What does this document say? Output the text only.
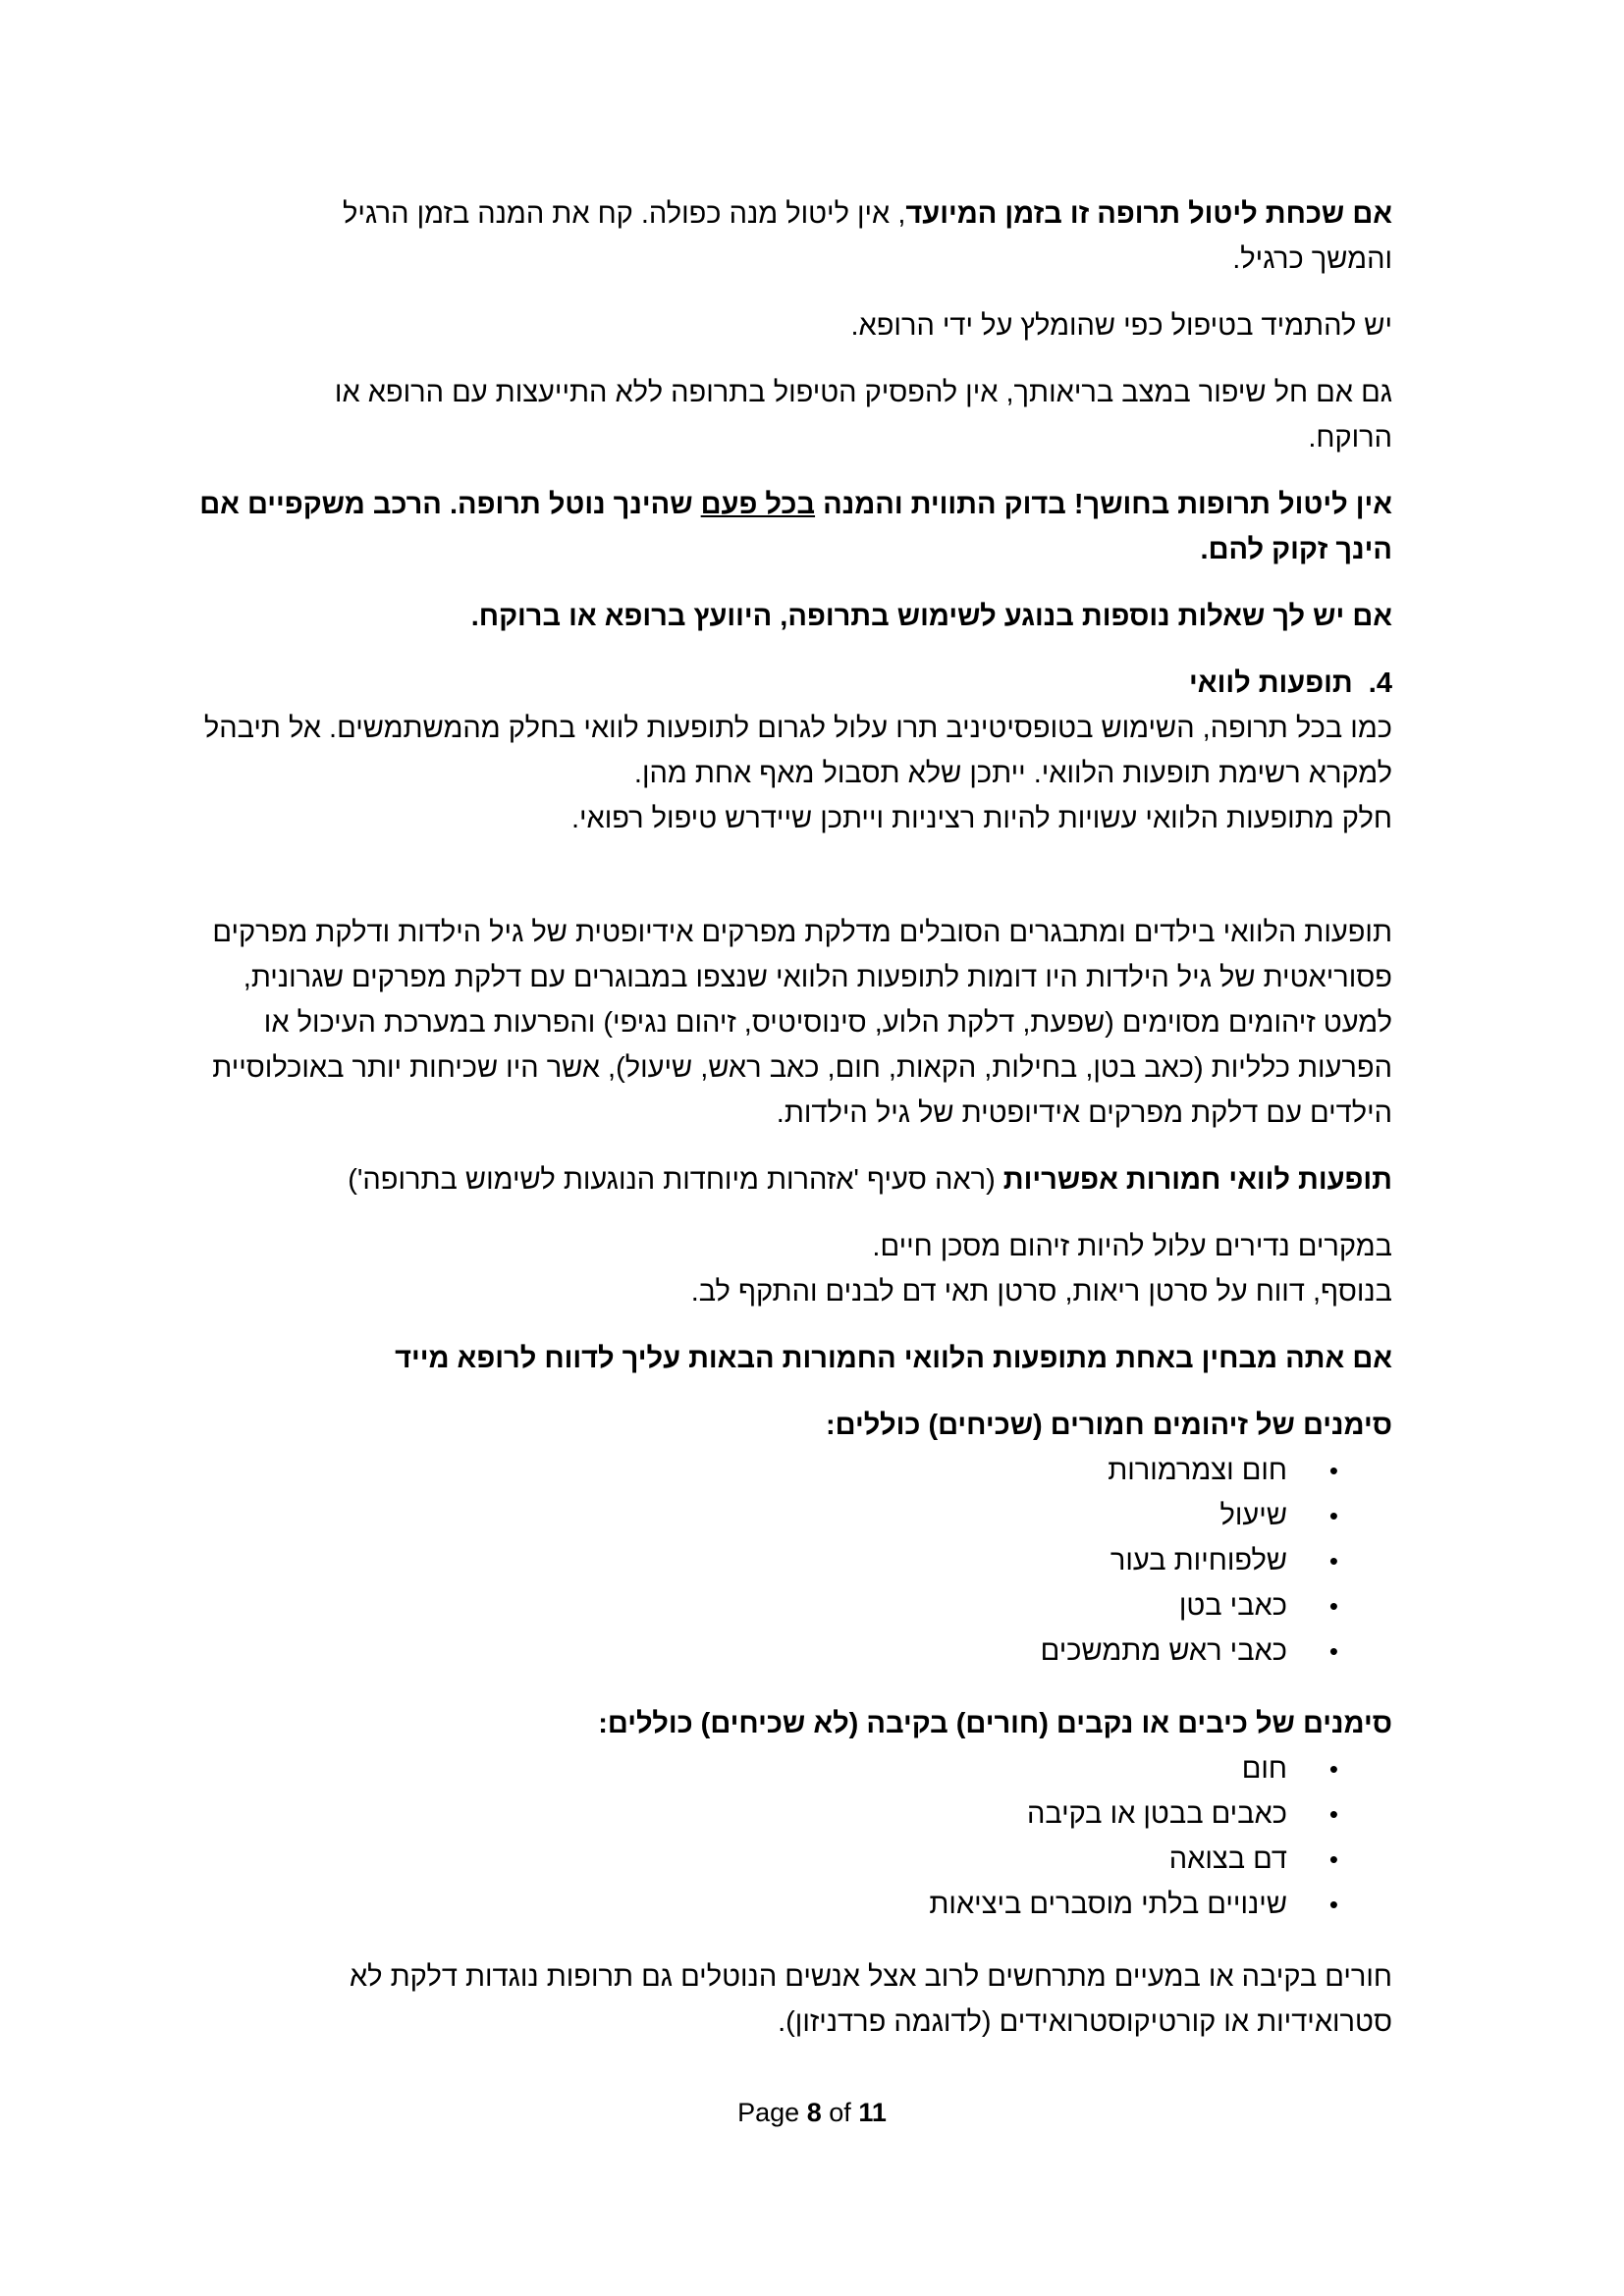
אם שכחת ליטול תרופה זו בזמן המיועד, אין ליטול מנה כפולה. קח את המנה בזמן הרגיל והמשך כרגיל.

יש להתמיד בטיפול כפי שהומלץ על ידי הרופא.

גם אם חל שיפור במצב בריאותך, אין להפסיק הטיפול בתרופה ללא התייעצות עם הרופא או הרוקח.

אין ליטול תרופות בחושך! בדוק התווית והמנה בכל פעם שהינך נוטל תרופה. הרכב משקפיים אם הינך זקוק להם.

אם יש לך שאלות נוספות בנוגע לשימוש בתרופה, היוועץ ברופא או ברוקח.

4.  תופעות לוואי

כמו בכל תרופה, השימוש בטופסיטיניב תרו עלול לגרום לתופעות לוואי בחלק מהמשתמשים. אל תיבהל למקרא רשימת תופעות הלוואי. ייתכן שלא תסבול מאף אחת מהן.

חלק מתופעות הלוואי עשויות להיות רציניות וייתכן שיידרש טיפול רפואי.

תופעות הלוואי בילדים ומתבגרים הסובלים מדלקת מפרקים אידיופטית של גיל הילדות ודלקת מפרקים פסוריאטית של גיל הילדות היו דומות לתופעות הלוואי שנצפו במבוגרים עם דלקת מפרקים שגרונית, למעט זיהומים מסוימים (שפעת, דלקת הלוע, סינוסיטיס, זיהום נגיפי) והפרעות במערכת העיכול או הפרעות כלליות (כאב בטן, בחילות, הקאות, חום, כאב ראש, שיעול), אשר היו שכיחות יותר באוכלוסיית הילדים עם דלקת מפרקים אידיופטית של גיל הילדות.

תופעות לוואי חמורות אפשריות (ראה סעיף 'אזהרות מיוחדות הנוגעות לשימוש בתרופה')

במקרים נדירים עלול להיות זיהום מסכן חיים.

בנוסף, דווח על סרטן ריאות, סרטן תאי דם לבנים והתקף לב.

אם אתה מבחין באחת מתופעות הלוואי החמורות הבאות עליך לדווח לרופא מייד

סימנים של זיהומים חמורים (שכיחים) כוללים:

• חום וצמרמורות
• שיעול
• שלפוחיות בעור
• כאבי בטן
• כאבי ראש מתמשכים

סימנים של כיבים או נקבים (חורים) בקיבה (לא שכיחים) כוללים:

• חום
• כאבים בבטן או בקיבה
• דם בצואה
• שינויים בלתי מוסברים ביציאות

חורים בקיבה או במעיים מתרחשים לרוב אצל אנשים הנוטלים גם תרופות נוגדות דלקת לא סטרואידיות או קורטיקוסטרואידים (לדוגמה פרדניזון).

Page 8 of 11
